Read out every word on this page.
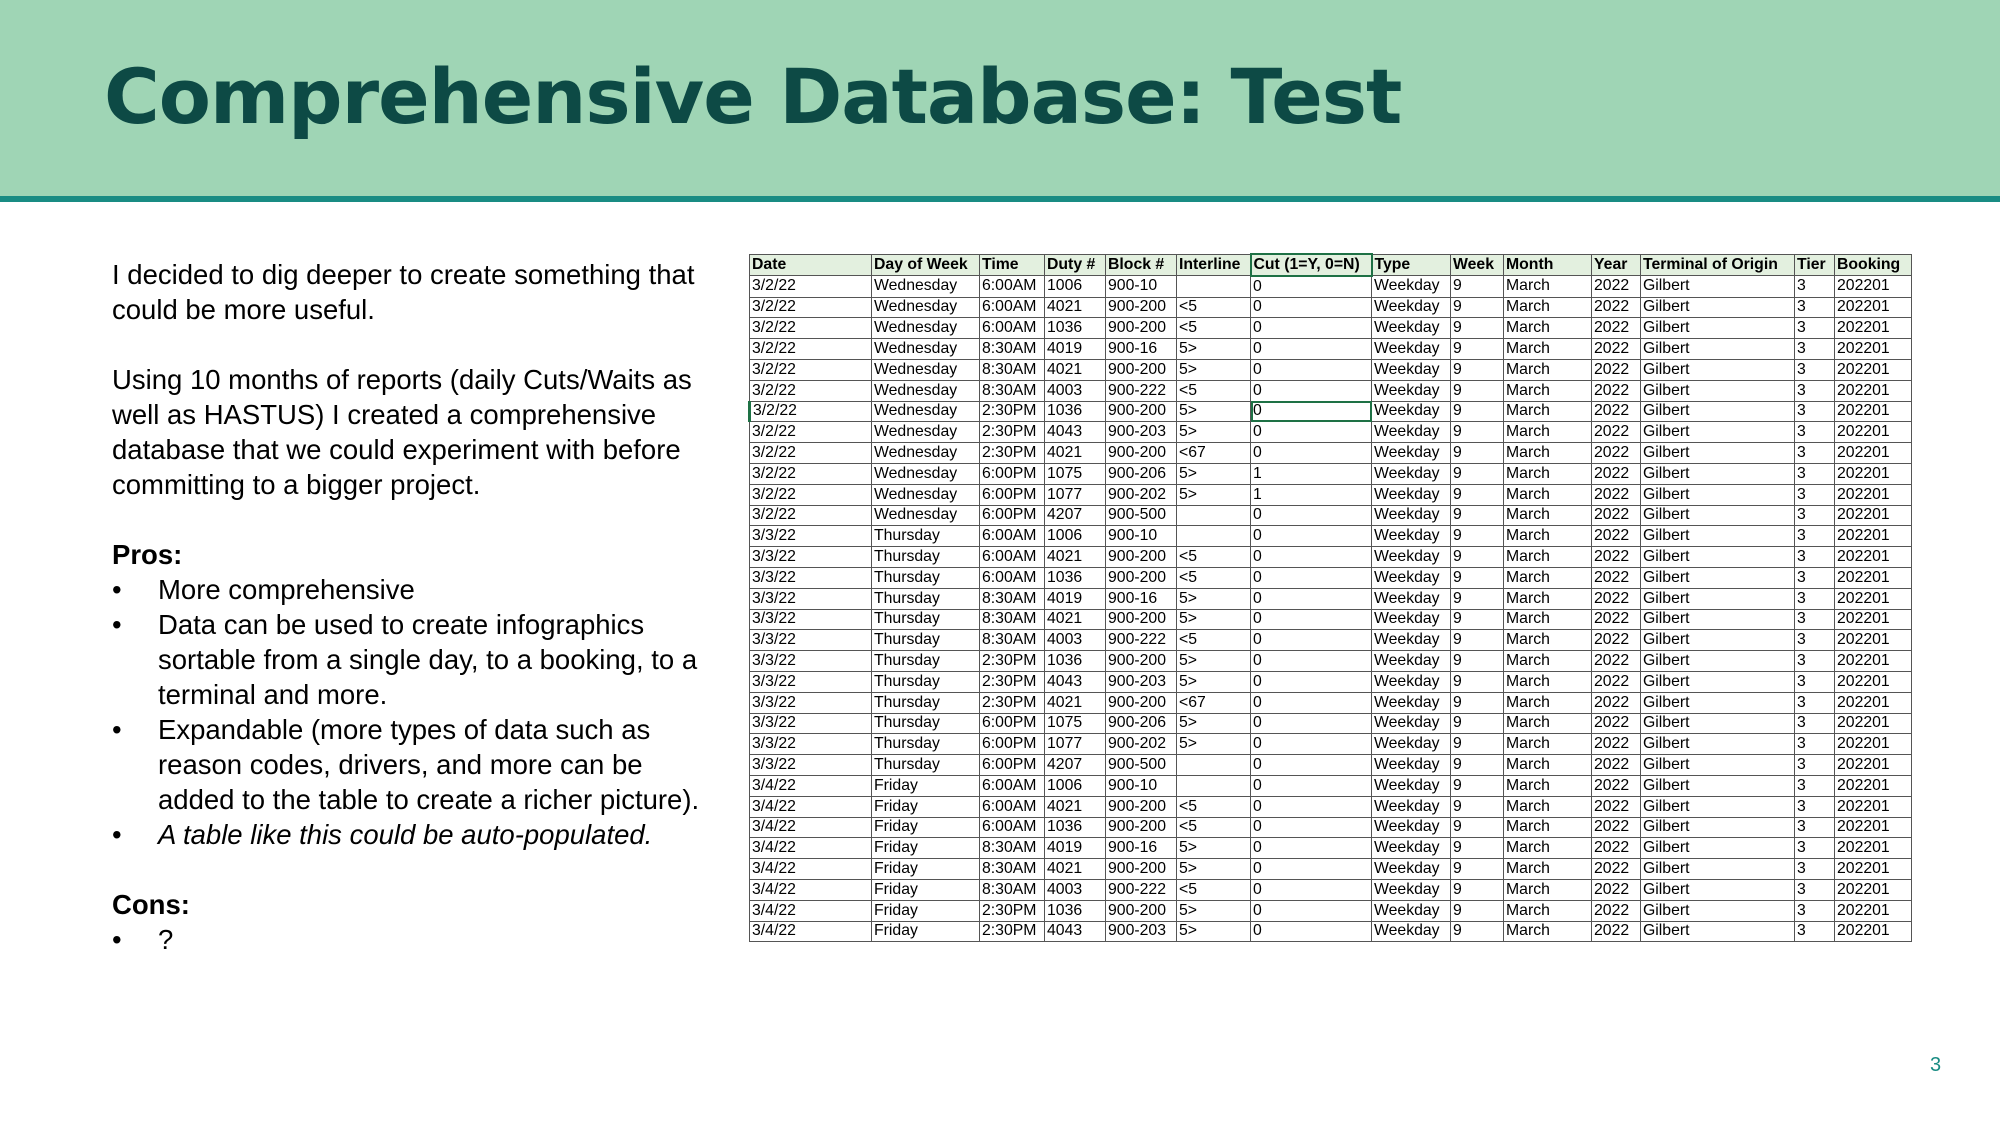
Comprehensive Database: Test

I decided to dig deeper to create something that could be more useful.

Using 10 months of reports (daily Cuts/Waits as well as HASTUS) I created a comprehensive database that we could experiment with before committing to a bigger project.

Pros:

• More comprehensive
• Data can be used to create infographics sortable from a single day, to a booking, to a terminal and more.
• Expandable (more types of data such as reason codes, drivers, and more can be added to the table to create a richer picture).
• A table like this could be auto-populated.

Cons:

• ?
Date	Day of Week	Time	Duty #	Block #	Interline	Cut (1=Y, 0=N)	Type	Week	Month	Year	Terminal of Origin	Tier	Booking
3/2/22	Wednesday	6:00AM	1006	900-10		0	Weekday	9	March	2022	Gilbert	3	202201
3/2/22	Wednesday	6:00AM	4021	900-200	<5	0	Weekday	9	March	2022	Gilbert	3	202201
3/2/22	Wednesday	6:00AM	1036	900-200	<5	0	Weekday	9	March	2022	Gilbert	3	202201
3/2/22	Wednesday	8:30AM	4019	900-16	5>	0	Weekday	9	March	2022	Gilbert	3	202201
3/2/22	Wednesday	8:30AM	4021	900-200	5>	0	Weekday	9	March	2022	Gilbert	3	202201
3/2/22	Wednesday	8:30AM	4003	900-222	<5	0	Weekday	9	March	2022	Gilbert	3	202201
3/2/22	Wednesday	2:30PM	1036	900-200	5>	0	Weekday	9	March	2022	Gilbert	3	202201
3/2/22	Wednesday	2:30PM	4043	900-203	5>	0	Weekday	9	March	2022	Gilbert	3	202201
3/2/22	Wednesday	2:30PM	4021	900-200	<67	0	Weekday	9	March	2022	Gilbert	3	202201
3/2/22	Wednesday	6:00PM	1075	900-206	5>	1	Weekday	9	March	2022	Gilbert	3	202201
3/2/22	Wednesday	6:00PM	1077	900-202	5>	1	Weekday	9	March	2022	Gilbert	3	202201
3/2/22	Wednesday	6:00PM	4207	900-500		0	Weekday	9	March	2022	Gilbert	3	202201
3/3/22	Thursday	6:00AM	1006	900-10		0	Weekday	9	March	2022	Gilbert	3	202201
3/3/22	Thursday	6:00AM	4021	900-200	<5	0	Weekday	9	March	2022	Gilbert	3	202201
3/3/22	Thursday	6:00AM	1036	900-200	<5	0	Weekday	9	March	2022	Gilbert	3	202201
3/3/22	Thursday	8:30AM	4019	900-16	5>	0	Weekday	9	March	2022	Gilbert	3	202201
3/3/22	Thursday	8:30AM	4021	900-200	5>	0	Weekday	9	March	2022	Gilbert	3	202201
3/3/22	Thursday	8:30AM	4003	900-222	<5	0	Weekday	9	March	2022	Gilbert	3	202201
3/3/22	Thursday	2:30PM	1036	900-200	5>	0	Weekday	9	March	2022	Gilbert	3	202201
3/3/22	Thursday	2:30PM	4043	900-203	5>	0	Weekday	9	March	2022	Gilbert	3	202201
3/3/22	Thursday	2:30PM	4021	900-200	<67	0	Weekday	9	March	2022	Gilbert	3	202201
3/3/22	Thursday	6:00PM	1075	900-206	5>	0	Weekday	9	March	2022	Gilbert	3	202201
3/3/22	Thursday	6:00PM	1077	900-202	5>	0	Weekday	9	March	2022	Gilbert	3	202201
3/3/22	Thursday	6:00PM	4207	900-500		0	Weekday	9	March	2022	Gilbert	3	202201
3/4/22	Friday	6:00AM	1006	900-10		0	Weekday	9	March	2022	Gilbert	3	202201
3/4/22	Friday	6:00AM	4021	900-200	<5	0	Weekday	9	March	2022	Gilbert	3	202201
3/4/22	Friday	6:00AM	1036	900-200	<5	0	Weekday	9	March	2022	Gilbert	3	202201
3/4/22	Friday	8:30AM	4019	900-16	5>	0	Weekday	9	March	2022	Gilbert	3	202201
3/4/22	Friday	8:30AM	4021	900-200	5>	0	Weekday	9	March	2022	Gilbert	3	202201
3/4/22	Friday	8:30AM	4003	900-222	<5	0	Weekday	9	March	2022	Gilbert	3	202201
3/4/22	Friday	2:30PM	1036	900-200	5>	0	Weekday	9	March	2022	Gilbert	3	202201
3/4/22	Friday	2:30PM	4043	900-203	5>	0	Weekday	9	March	2022	Gilbert	3	202201
3
